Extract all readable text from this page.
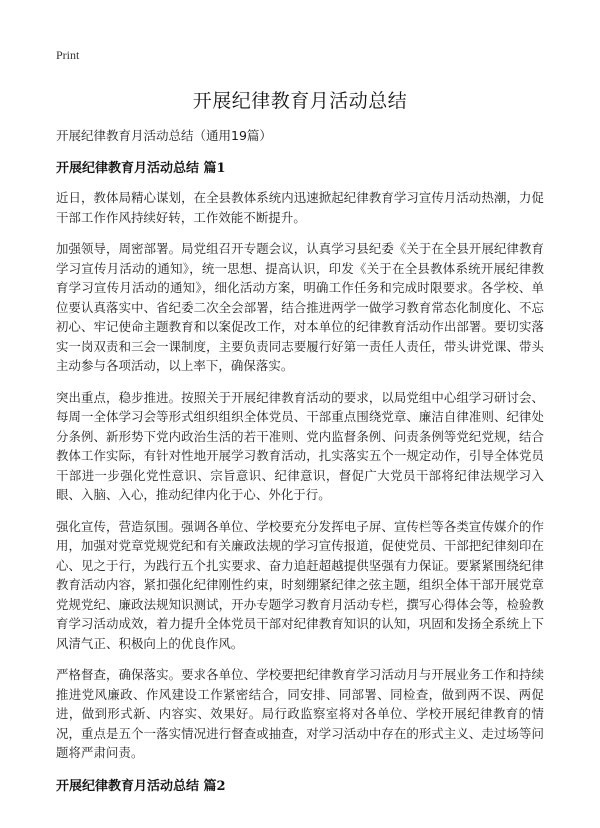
Print
开展纪律教育月活动总结

开展纪律教育月活动总结（通用19篇）

开展纪律教育月活动总结 篇1

近日，教体局精心谋划，在全县教体系统内迅速掀起纪律教育学习宣传月活动热潮，力促干部工作作风持续好转，工作效能不断提升。

加强领导，周密部署。局党组召开专题会议，认真学习县纪委《关于在全县开展纪律教育学习宣传月活动的通知》，统一思想、提高认识，印发《关于在全县教体系统开展纪律教育学习宣传月活动的通知》，细化活动方案，明确工作任务和完成时限要求。各学校、单位要认真落实中、省纪委二次全会部署，结合推进两学一做学习教育常态化制度化、不忘初心、牢记使命主题教育和以案促改工作，对本单位的纪律教育活动作出部署。要切实落实一岗双责和三会一课制度，主要负责同志要履行好第一责任人责任，带头讲党课、带头主动参与各项活动，以上率下，确保落实。

突出重点，稳步推进。按照关于开展纪律教育活动的要求，以局党组中心组学习研讨会、每周一全体学习会等形式组织组织全体党员、干部重点围绕党章、廉洁自律准则、纪律处分条例、新形势下党内政治生活的若干准则、党内监督条例、问责条例等党纪党规，结合教体工作实际，有针对性地开展学习教育活动，扎实落实五个一规定动作，引导全体党员干部进一步强化党性意识、宗旨意识、纪律意识，督促广大党员干部将纪律法规学习入眼、入脑、入心，推动纪律内化于心、外化于行。

强化宣传，营造氛围。强调各单位、学校要充分发挥电子屏、宣传栏等各类宣传媒介的作用，加强对党章党规党纪和有关廉政法规的学习宣传报道，促使党员、干部把纪律刻印在心、见之于行，为践行五个扎实要求、奋力追赶超越提供坚强有力保证。要紧紧围绕纪律教育活动内容，紧扣强化纪律刚性约束，时刻绷紧纪律之弦主题，组织全体干部开展党章党规党纪、廉政法规知识测试，开办专题学习教育月活动专栏，撰写心得体会等，检验教育学习活动成效，着力提升全体党员干部对纪律教育知识的认知，巩固和发扬全系统上下风清气正、积极向上的优良作风。

严格督查，确保落实。要求各单位、学校要把纪律教育学习活动月与开展业务工作和持续推进党风廉政、作风建设工作紧密结合，同安排、同部署、同检查，做到两不误、两促进，做到形式新、内容实、效果好。局行政监察室将对各单位、学校开展纪律教育的情况，重点是五个一落实情况进行督查或抽查，对学习活动中存在的形式主义、走过场等问题将严肃问责。

开展纪律教育月活动总结 篇2
